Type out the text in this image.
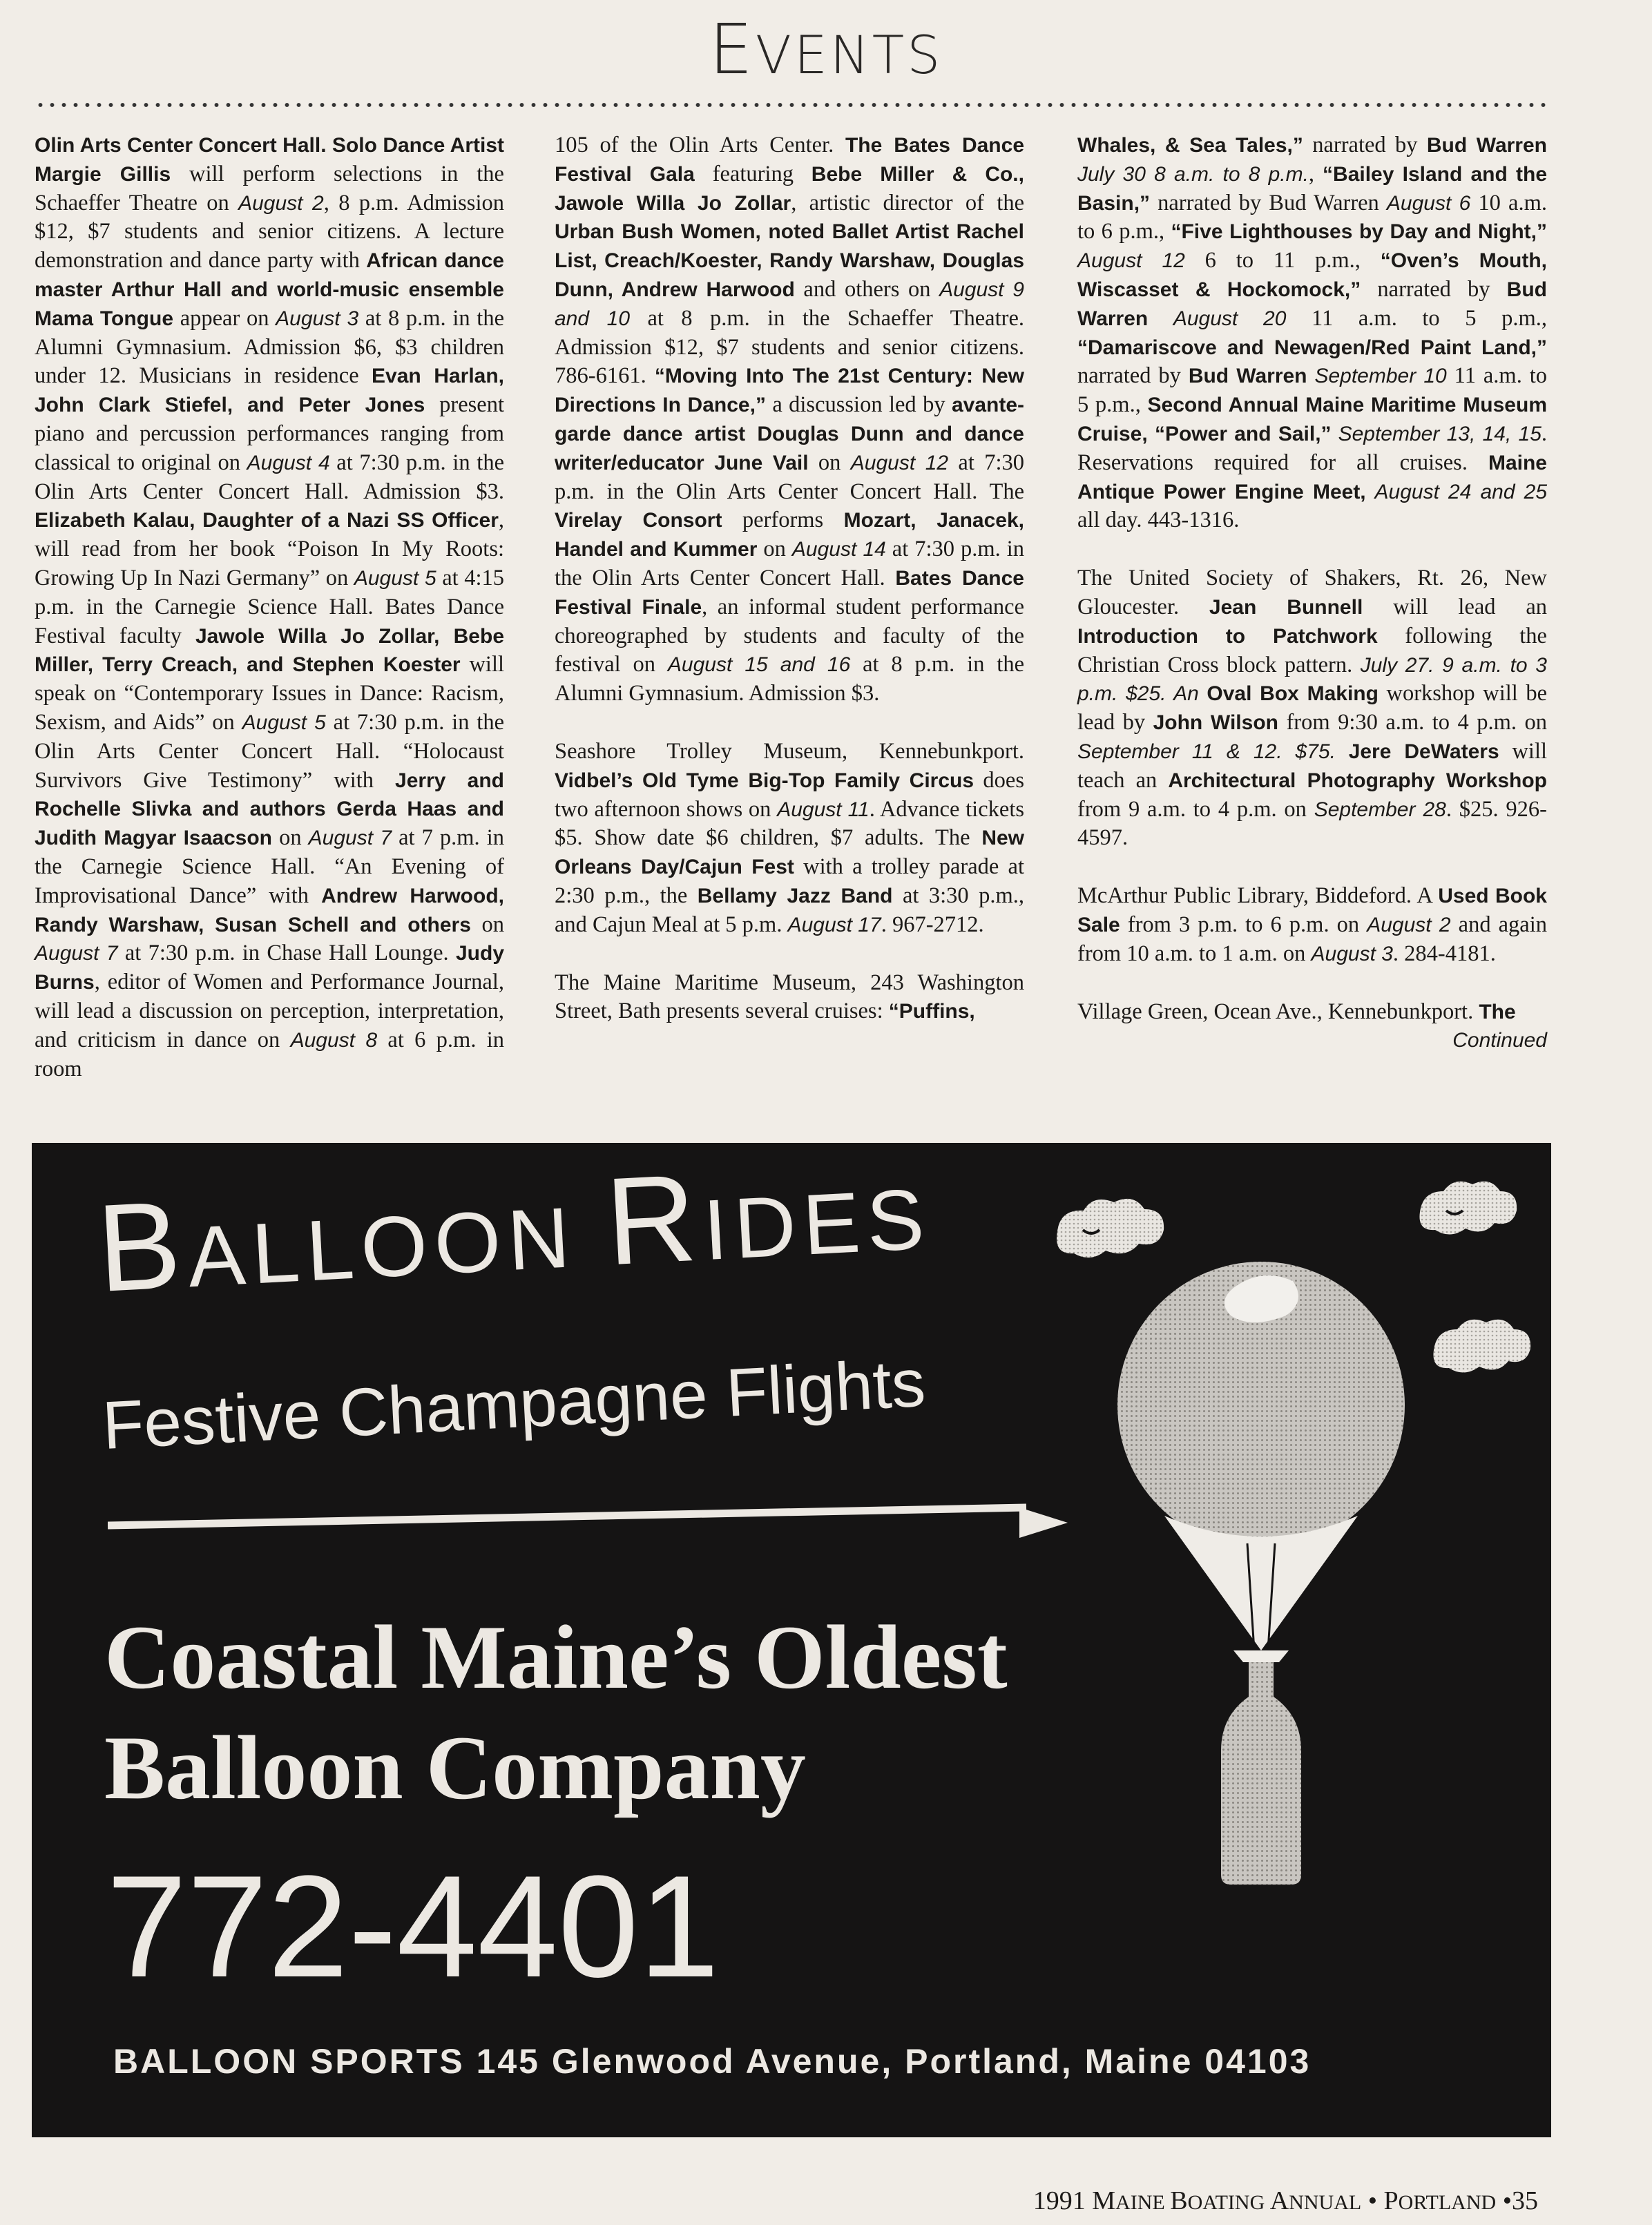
EVENTS

Olin Arts Center Concert Hall. Solo Dance Artist Margie Gillis will perform selections in the Schaeffer Theatre on August 2, 8 p.m. Admission $12, $7 students and senior citizens. A lecture demonstration and dance party with African dance master Arthur Hall and world-music ensemble Mama Tongue appear on August 3 at 8 p.m. in the Alumni Gymnasium. Admission $6, $3 children under 12. Musicians in residence Evan Harlan, John Clark Stiefel, and Peter Jones present piano and percussion performances ranging from classical to original on August 4 at 7:30 p.m. in the Olin Arts Center Concert Hall. Admission $3. Elizabeth Kalau, Daughter of a Nazi SS Officer, will read from her book “Poison In My Roots: Growing Up In Nazi Germany” on August 5 at 4:15 p.m. in the Carnegie Science Hall. Bates Dance Festival faculty Jawole Willa Jo Zollar, Bebe Miller, Terry Creach, and Stephen Koester will speak on “Contemporary Issues in Dance: Racism, Sexism, and Aids” on August 5 at 7:30 p.m. in the Olin Arts Center Concert Hall. “Holocaust Survivors Give Testimony” with Jerry and Rochelle Slivka and authors Gerda Haas and Judith Magyar Isaacson on August 7 at 7 p.m. in the Carnegie Science Hall. “An Evening of Improvisational Dance” with Andrew Harwood, Randy Warshaw, Susan Schell and others on August 7 at 7:30 p.m. in Chase Hall Lounge. Judy Burns, editor of Women and Performance Journal, will lead a discussion on perception, interpretation, and criticism in dance on August 8 at 6 p.m. in room

105 of the Olin Arts Center. The Bates Dance Festival Gala featuring Bebe Miller & Co., Jawole Willa Jo Zollar, artistic director of the Urban Bush Women, noted Ballet Artist Rachel List, Creach/Koester, Randy Warshaw, Douglas Dunn, Andrew Harwood and others on August 9 and 10 at 8 p.m. in the Schaeffer Theatre. Admission $12, $7 students and senior citizens. 786-6161. “Moving Into The 21st Century: New Directions In Dance,” a discussion led by avante-garde dance artist Douglas Dunn and dance writer/educator June Vail on August 12 at 7:30 p.m. in the Olin Arts Center Concert Hall. The Virelay Consort performs Mozart, Janacek, Handel and Kummer on August 14 at 7:30 p.m. in the Olin Arts Center Concert Hall. Bates Dance Festival Finale, an informal student performance choreographed by students and faculty of the festival on August 15 and 16 at 8 p.m. in the Alumni Gymnasium. Admission $3.

Seashore Trolley Museum, Kennebunkport. Vidbel’s Old Tyme Big-Top Family Circus does two afternoon shows on August 11. Advance tickets $5. Show date $6 children, $7 adults. The New Orleans Day/Cajun Fest with a trolley parade at 2:30 p.m., the Bellamy Jazz Band at 3:30 p.m., and Cajun Meal at 5 p.m. August 17. 967-2712.

The Maine Maritime Museum, 243 Washington Street, Bath presents several cruises: “Puffins,

Whales, & Sea Tales,” narrated by Bud Warren July 30 8 a.m. to 8 p.m., “Bailey Island and the Basin,” narrated by Bud Warren August 6 10 a.m. to 6 p.m., “Five Lighthouses by Day and Night,” August 12 6 to 11 p.m., “Oven’s Mouth, Wiscasset & Hockomock,” narrated by Bud Warren August 20 11 a.m. to 5 p.m., “Damariscove and Newagen/Red Paint Land,” narrated by Bud Warren September 10 11 a.m. to 5 p.m., Second Annual Maine Maritime Museum Cruise, “Power and Sail,” September 13, 14, 15. Reservations required for all cruises. Maine Antique Power Engine Meet, August 24 and 25 all day. 443-1316.

The United Society of Shakers, Rt. 26, New Gloucester. Jean Bunnell will lead an Introduction to Patchwork following the Christian Cross block pattern. July 27. 9 a.m. to 3 p.m. $25. An Oval Box Making workshop will be lead by John Wilson from 9:30 a.m. to 4 p.m. on September 11 & 12. $75. Jere DeWaters will teach an Architectural Photography Workshop from 9 a.m. to 4 p.m. on September 28. $25. 926-4597.

McArthur Public Library, Biddeford. A Used Book Sale from 3 p.m. to 6 p.m. on August 2 and again from 10 a.m. to 1 a.m. on August 3. 284-4181.

Village Green, Ocean Ave., Kennebunkport. The
Continued

BALLOON RIDES
Festive Champagne Flights
Coastal Maine’s Oldest
Balloon Company
772-4401
BALLOON SPORTS 145 Glenwood Avenue, Portland, Maine 04103
1991 MAINE BOATING ANNUAL • PORTLAND •35
